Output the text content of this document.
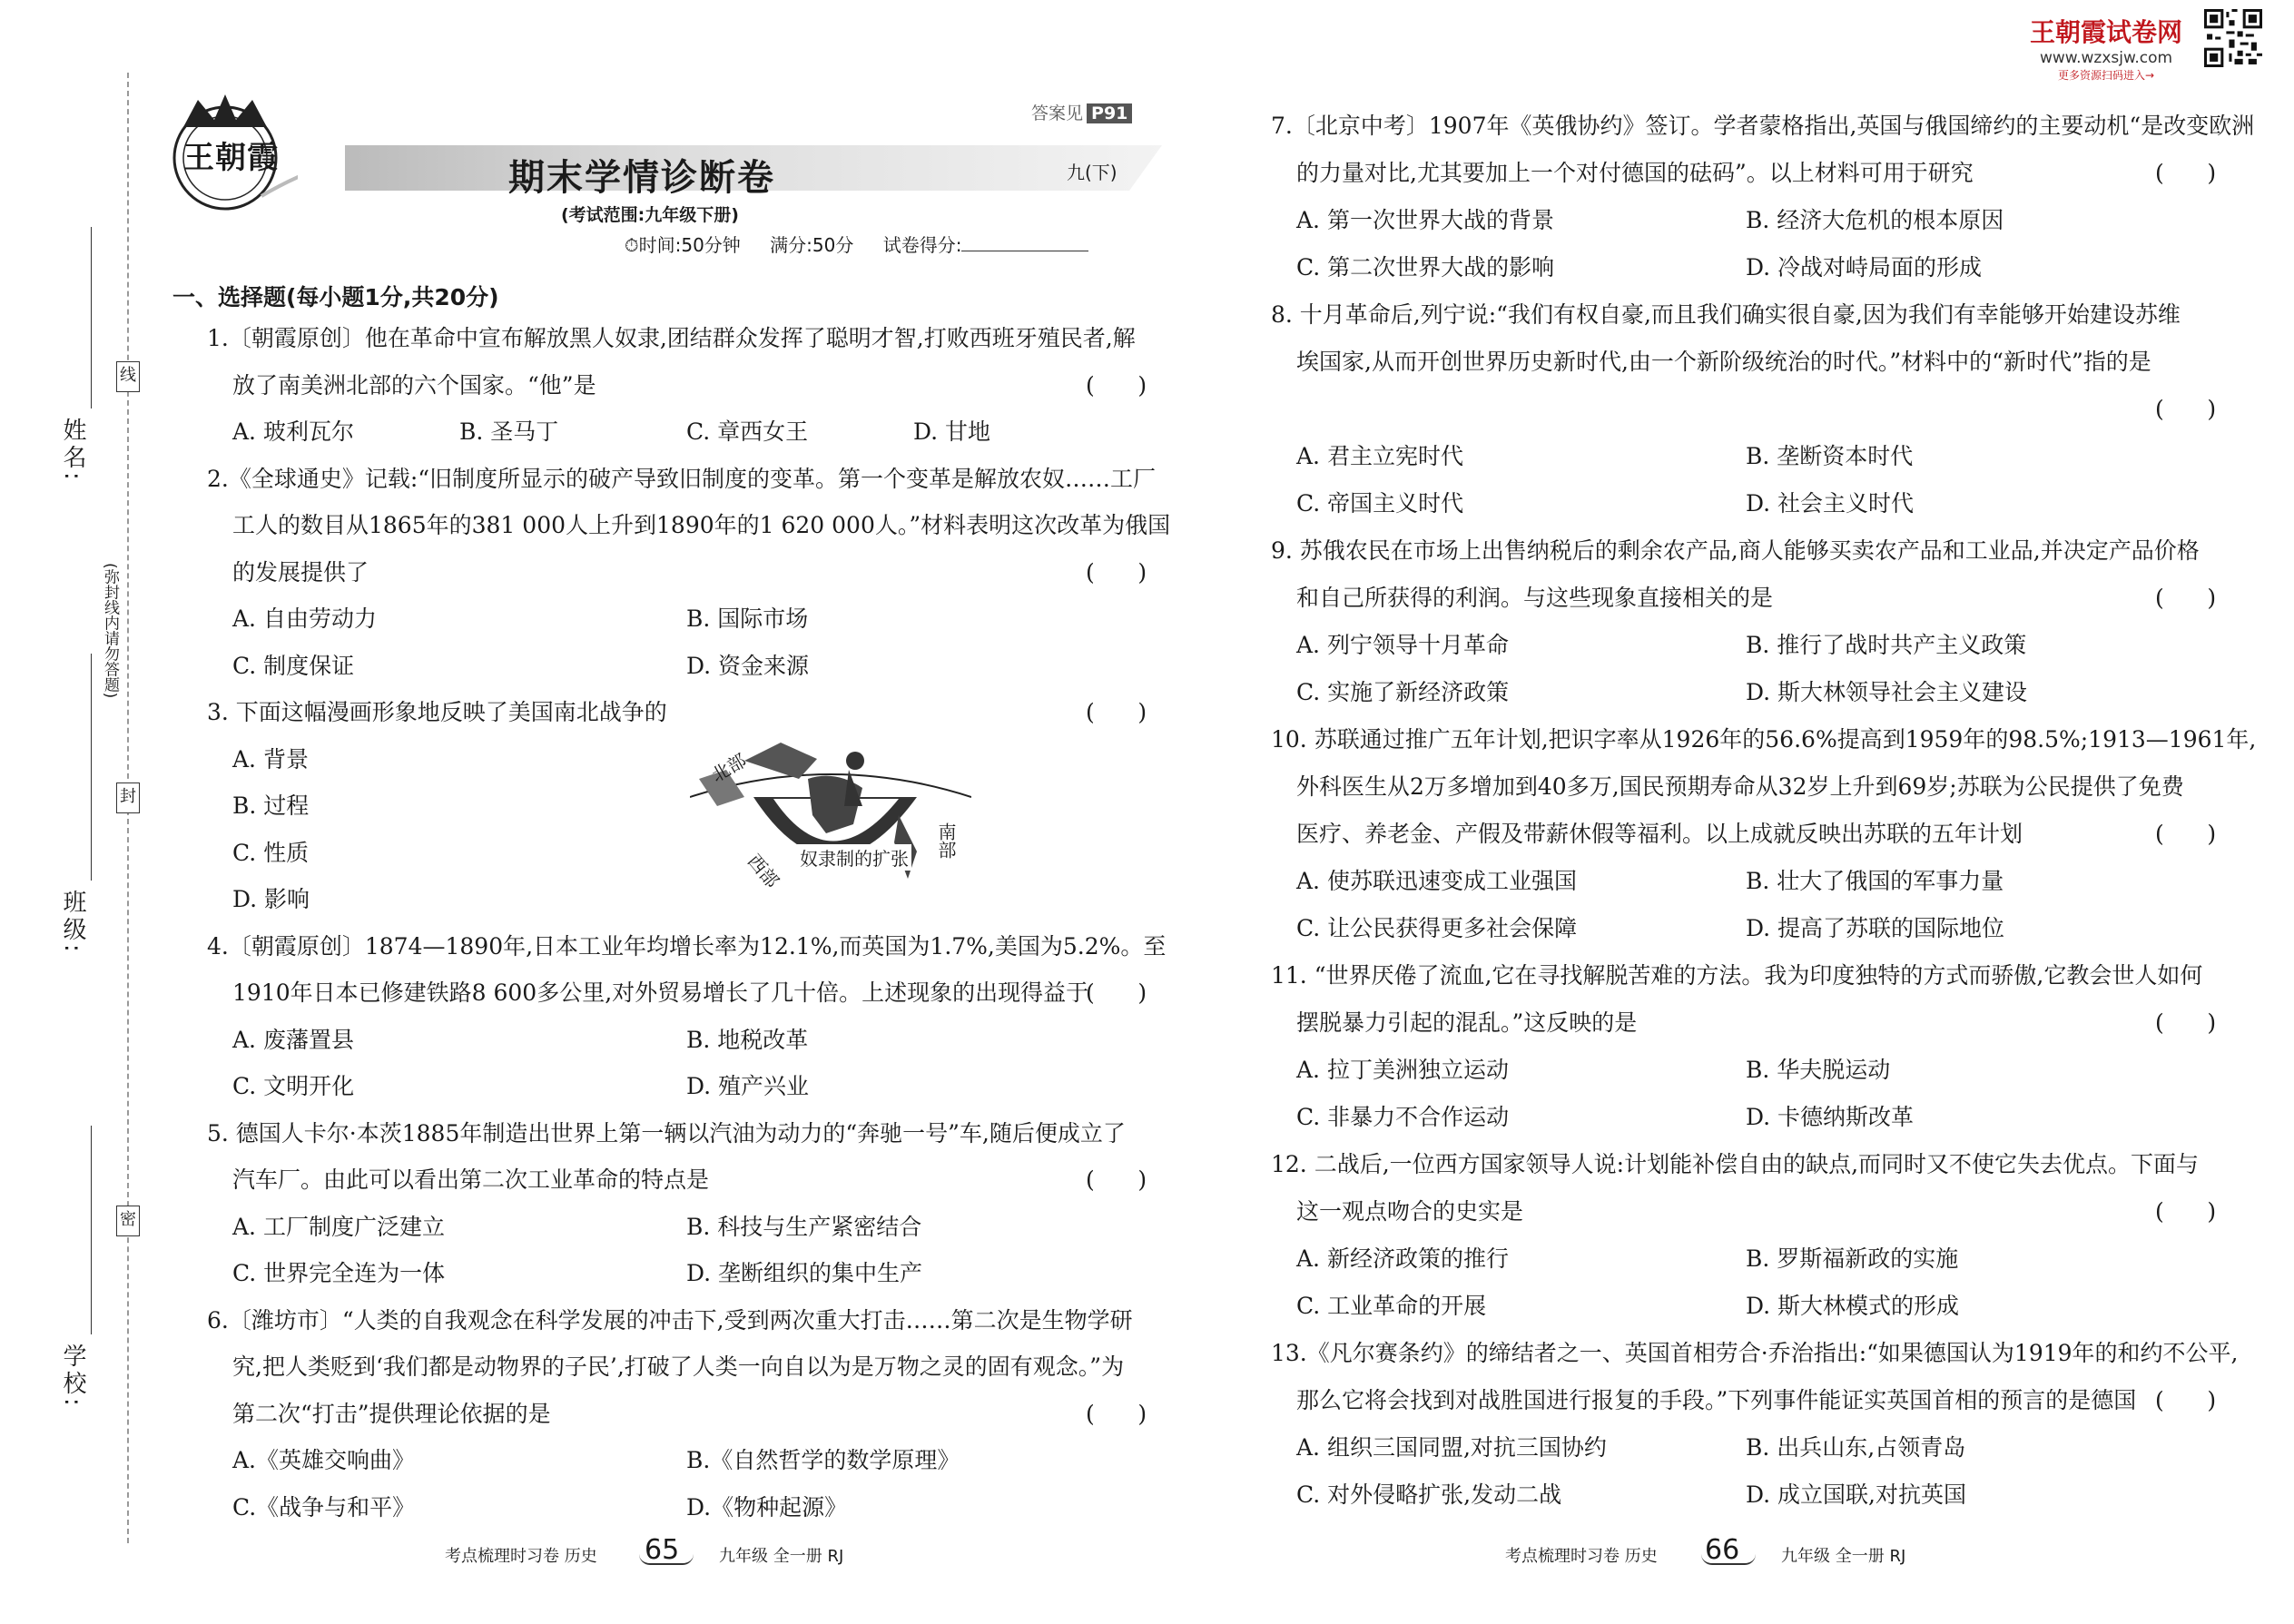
王朝霞试卷网
www.wzxsjw.com
更多资源扫码进入→
姓名:
班级:
学校:
线
封
密
(弥封线内请勿答题)
王朝霞	期末学情诊断卷
答案见 P91
九(下)
(考试范围:九年级下册)
⏱时间:50分钟 满分:50分 试卷得分:
一、选择题(每小题1分,共20分)
北部
南部
奴隶制的扩张
西部
1.〔朝霞原创〕他在革命中宣布解放黑人奴隶,团结群众发挥了聪明才智,打败西班牙殖民者,解
放了南美洲北部的六个国家。“他”是	(      )
A. 玻利瓦尔	B. 圣马丁	C. 章西女王	D. 甘地
2.《全球通史》记载:“旧制度所显示的破产导致旧制度的变革。第一个变革是解放农奴……工厂
工人的数目从1865年的381 000人上升到1890年的1 620 000人。”材料表明这次改革为俄国
的发展提供了	(      )
A. 自由劳动力	B. 国际市场
C. 制度保证	D. 资金来源
3. 下面这幅漫画形象地反映了美国南北战争的	(      )
A. 背景
B. 过程
C. 性质
D. 影响
4.〔朝霞原创〕1874—1890年,日本工业年均增长率为12.1%,而英国为1.7%,美国为5.2%。至
1910年日本已修建铁路8 600多公里,对外贸易增长了几十倍。上述现象的出现得益于
(      )
A. 废藩置县	B. 地税改革
C. 文明开化	D. 殖产兴业
5. 德国人卡尔·本茨1885年制造出世界上第一辆以汽油为动力的“奔驰一号”车,随后便成立了
汽车厂。由此可以看出第二次工业革命的特点是	(      )
A. 工厂制度广泛建立	B. 科技与生产紧密结合
C. 世界完全连为一体	D. 垄断组织的集中生产
6.〔潍坊市〕“人类的自我观念在科学发展的冲击下,受到两次重大打击……第二次是生物学研
究,把人类贬到‘我们都是动物界的子民’,打破了人类一向自以为是万物之灵的固有观念。”为
第二次“打击”提供理论依据的是	(      )
A.《英雄交响曲》	B.《自然哲学的数学原理》
C.《战争与和平》	D.《物种起源》
7.〔北京中考〕1907年《英俄协约》签订。学者蒙格指出,英国与俄国缔约的主要动机“是改变欧洲
的力量对比,尤其要加上一个对付德国的砝码”。以上材料可用于研究	(      )
A. 第一次世界大战的背景	B. 经济大危机的根本原因
C. 第二次世界大战的影响	D. 冷战对峙局面的形成
8. 十月革命后,列宁说:“我们有权自豪,而且我们确实很自豪,因为我们有幸能够开始建设苏维
埃国家,从而开创世界历史新时代,由一个新阶级统治的时代。”材料中的“新时代”指的是
(      )
A. 君主立宪时代	B. 垄断资本时代
C. 帝国主义时代	D. 社会主义时代
9. 苏俄农民在市场上出售纳税后的剩余农产品,商人能够买卖农产品和工业品,并决定产品价格
和自己所获得的利润。与这些现象直接相关的是	(      )
A. 列宁领导十月革命	B. 推行了战时共产主义政策
C. 实施了新经济政策	D. 斯大林领导社会主义建设
10. 苏联通过推广五年计划,把识字率从1926年的56.6%提高到1959年的98.5%;1913—1961年,
外科医生从2万多增加到40多万,国民预期寿命从32岁上升到69岁;苏联为公民提供了免费
医疗、养老金、产假及带薪休假等福利。以上成就反映出苏联的五年计划	(      )
A. 使苏联迅速变成工业强国	B. 壮大了俄国的军事力量
C. 让公民获得更多社会保障	D. 提高了苏联的国际地位
11. “世界厌倦了流血,它在寻找解脱苦难的方法。我为印度独特的方式而骄傲,它教会世人如何
摆脱暴力引起的混乱。”这反映的是	(      )
A. 拉丁美洲独立运动	B. 华夫脱运动
C. 非暴力不合作运动	D. 卡德纳斯改革
12. 二战后,一位西方国家领导人说:计划能补偿自由的缺点,而同时又不使它失去优点。下面与
这一观点吻合的史实是	(      )
A. 新经济政策的推行	B. 罗斯福新政的实施
C. 工业革命的开展	D. 斯大林模式的形成
13.《凡尔赛条约》的缔结者之一、英国首相劳合·乔治指出:“如果德国认为1919年的和约不公平,
那么它将会找到对战胜国进行报复的手段。”下列事件能证实英国首相的预言的是德国 (      )
A. 组织三国同盟,对抗三国协约	B. 出兵山东,占领青岛
C. 对外侵略扩张,发动二战	D. 成立国联,对抗英国
考点梳理时习卷 历史 65 九年级 全一册 RJ	考点梳理时习卷 历史 66	九年级 全一册 RJ
